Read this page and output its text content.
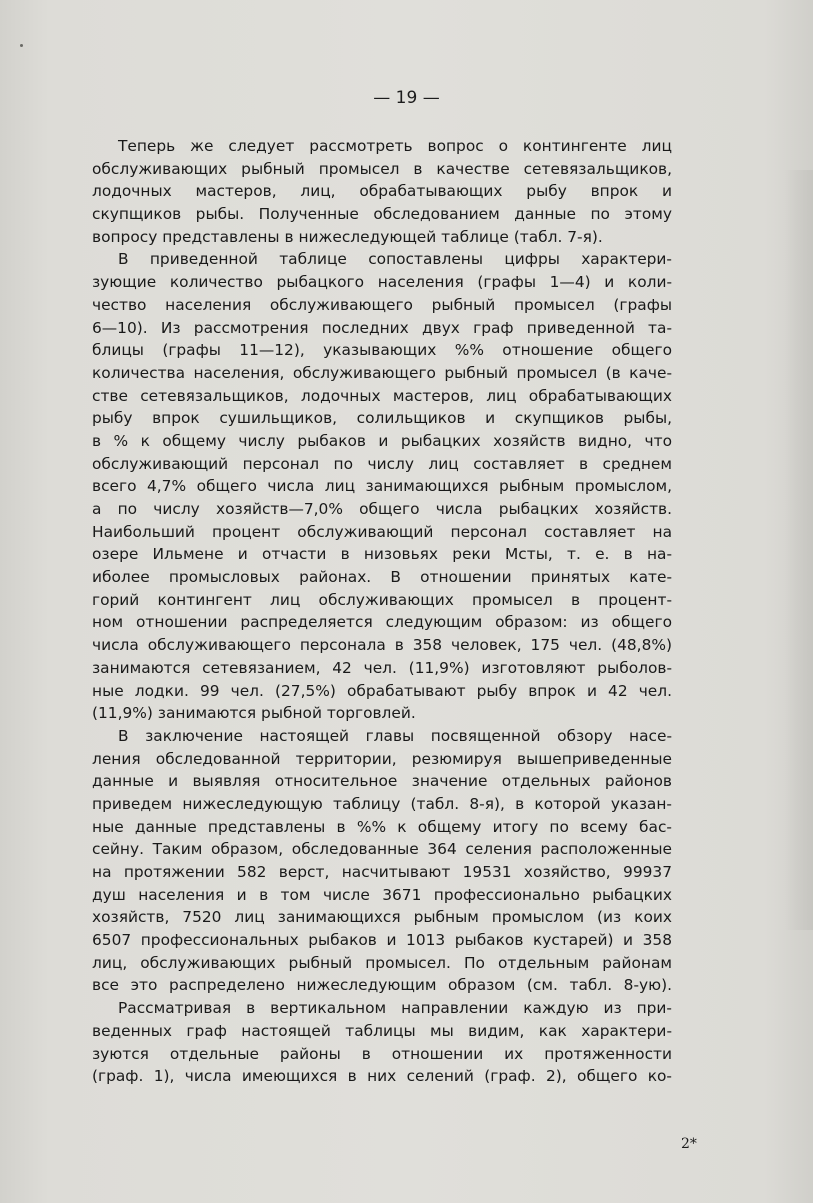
— 19 —

Теперь же следует рассмотреть вопрос о контингенте лиц
обслуживающих рыбный промысел в качестве сетевязальщиков,
лодочных мастеров, лиц, обрабатывающих рыбу впрок и
скупщиков рыбы. Полученные обследованием данные по этому
вопросу представлены в нижеследующей таблице (табл. 7-я).

В приведенной таблице сопоставлены цифры характери-
зующие количество рыбацкого населения (графы 1—4) и коли-
чество населения обслуживающего рыбный промысел (графы
6—10). Из рассмотрения последних двух граф приведенной та-
блицы (графы 11—12), указывающих %% отношение общего
количества населения, обслуживающего рыбный промысел (в каче-
стве сетевязальщиков, лодочных мастеров, лиц обрабатывающих
рыбу впрок сушильщиков, солильщиков и скупщиков рыбы,
в % к общему числу рыбаков и рыбацких хозяйств видно, что
обслуживающий персонал по числу лиц составляет в среднем
всего 4,7% общего числа лиц занимающихся рыбным промыслом,
а по числу хозяйств—7,0% общего числа рыбацких хозяйств.
Наибольший процент обслуживающий персонал составляет на
озере Ильмене и отчасти в низовьях реки Мсты, т. е. в на-
иболее промысловых районах. В отношении принятых кате-
горий контингент лиц обслуживающих промысел в процент-
ном отношении распределяется следующим образом: из общего
числа обслуживающего персонала в 358 человек, 175 чел. (48,8%)
занимаются сетевязанием, 42 чел. (11,9%) изготовляют рыболов-
ные лодки. 99 чел. (27,5%) обрабатывают рыбу впрок и 42 чел.
(11,9%) занимаются рыбной торговлей.

В заключение настоящей главы посвященной обзору насе-
ления обследованной территории, резюмируя вышеприведенные
данные и выявляя относительное значение отдельных районов
приведем нижеследующую таблицу (табл. 8-я), в которой указан-
ные данные представлены в %% к общему итогу по всему бас-
сейну. Таким образом, обследованные 364 селения расположенные
на протяжении 582 верст, насчитывают 19531 хозяйство, 99937
душ населения и в том числе 3671 профессионально рыбацких
хозяйств, 7520 лиц занимающихся рыбным промыслом (из коих
6507 профессиональных рыбаков и 1013 рыбаков кустарей) и 358
лиц, обслуживающих рыбный промысел. По отдельным районам
все это распределено нижеследующим образом (см. табл. 8-ую).

Рассматривая в вертикальном направлении каждую из при-
веденных граф настоящей таблицы мы видим, как характери-
зуются отдельные районы в отношении их протяженности
(граф. 1), числа имеющихся в них селений (граф. 2), общего ко-

2*
